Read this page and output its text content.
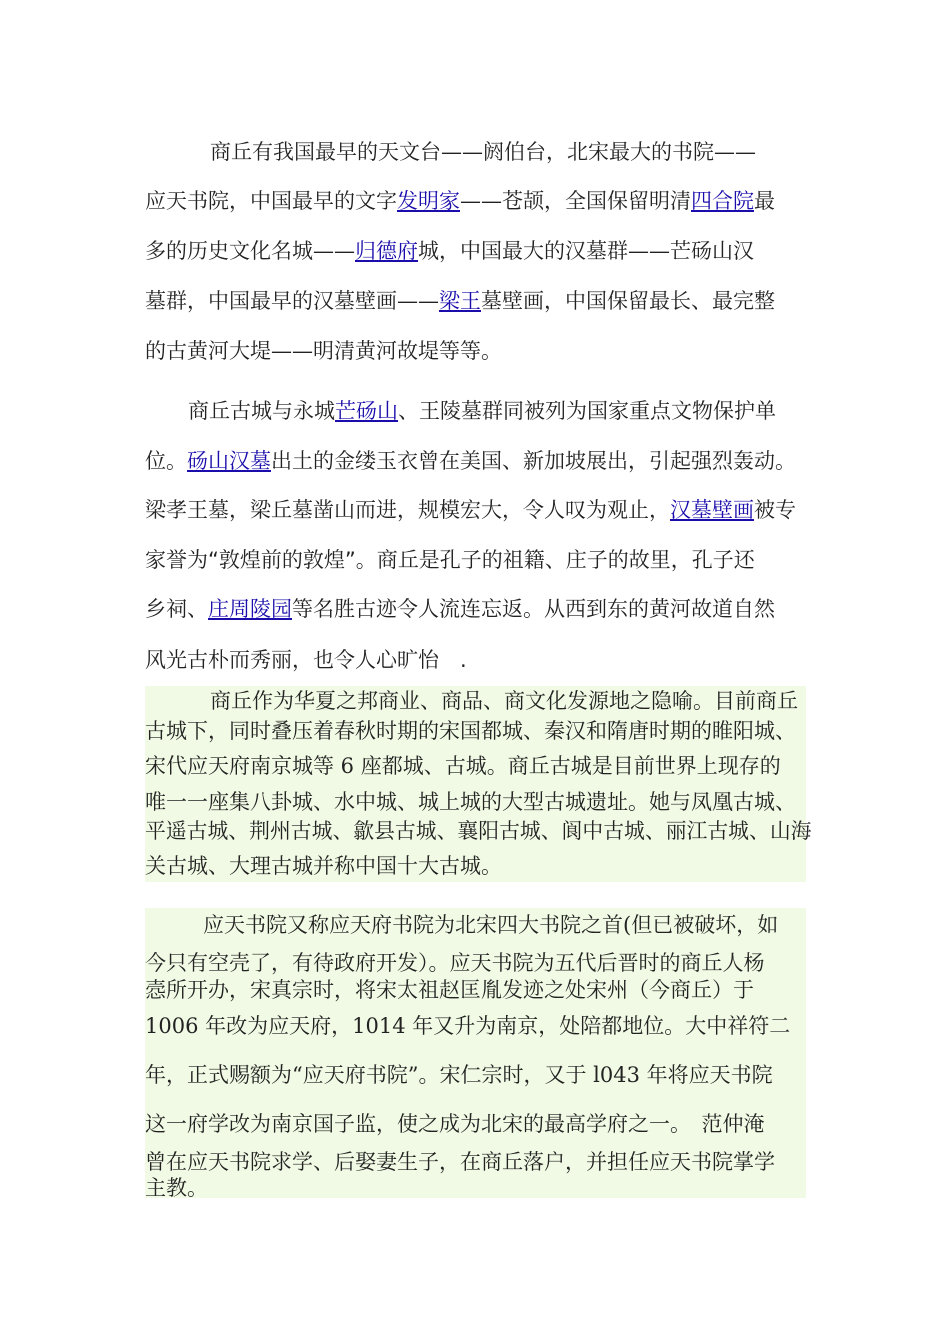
商丘有我国最早的天文台——阏伯台，北宋最大的书院——
应天书院，中国最早的文字发明家——苍颉，全国保留明清四合院最
多的历史文化名城——归德府城，中国最大的汉墓群——芒砀山汉
墓群，中国最早的汉墓壁画——梁王墓壁画，中国保留最长、最完整
的古黄河大堤——明清黄河故堤等等。
商丘古城与永城芒砀山、王陵墓群同被列为国家重点文物保护单
位。砀山汉墓出土的金缕玉衣曾在美国、新加坡展出，引起强烈轰动。
梁孝王墓，梁丘墓凿山而进，规模宏大，令人叹为观止，汉墓壁画被专
家誉为“敦煌前的敦煌”。商丘是孔子的祖籍、庄子的故里，孔子还
乡祠、庄周陵园等名胜古迹令人流连忘返。从西到东的黄河故道自然
风光古朴而秀丽，也令人心旷怡　.
商丘作为华夏之邦商业、商品、商文化发源地之隐喻。目前商丘
古城下，同时叠压着春秋时期的宋国都城、秦汉和隋唐时期的睢阳城、
宋代应天府南京城等 6 座都城、古城。商丘古城是目前世界上现存的
唯一一座集八卦城、水中城、城上城的大型古城遗址。她与凤凰古城、
平遥古城、荆州古城、歙县古城、襄阳古城、阆中古城、丽江古城、山海
关古城、大理古城并称中国十大古城。
应天书院又称应天府书院为北宋四大书院之首(但已被破坏，如
今只有空壳了，有待政府开发）。应天书院为五代后晋时的商丘人杨
悫所开办，宋真宗时，将宋太祖赵匡胤发迹之处宋州（今商丘）于
1006 年改为应天府，1014 年又升为南京，处陪都地位。大中祥符二
年，正式赐额为“应天府书院”。宋仁宗时，又于 l043 年将应天书院
这一府学改为南京国子监，使之成为北宋的最高学府之一。　范仲淹
曾在应天书院求学、后娶妻生子，在商丘落户，并担任应天书院掌学
主教。
